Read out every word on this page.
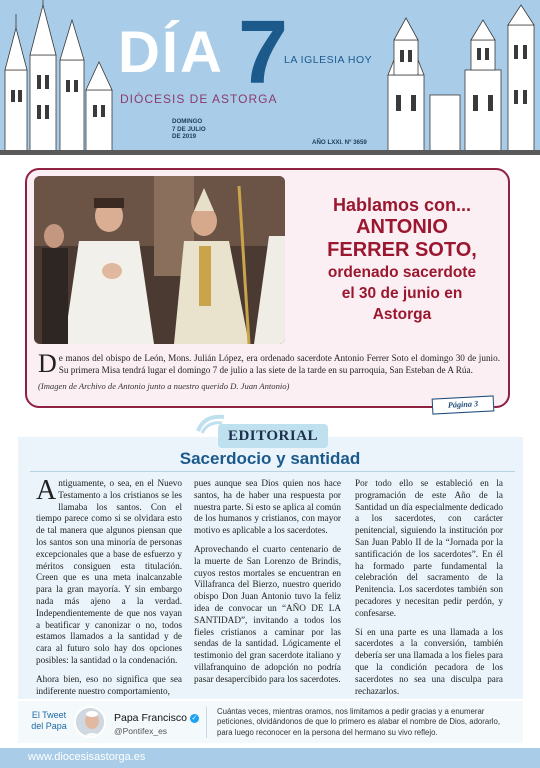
DÍA 7
LA IGLESIA HOY
DIÓCESIS DE ASTORGA
DOMINGO
7 DE JULIO
DE 2019
AÑO LXXI. Nº 3659
Hablamos con...
ANTONIO
FERRER SOTO,
ordenado sacerdote
el 30 de junio en
Astorga
De manos del obispo de León, Mons. Julián López, era ordenado sacerdote Antonio Ferrer Soto el domingo 30 de junio. Su primera Misa tendrá lugar el domingo 7 de julio a las siete de la tarde en su parroquia, San Esteban de A Rúa.
(Imagen de Archivo de Antonio junto a nuestro querido D. Juan Antonio)
Página 3
EDITORIAL
Sacerdocio y santidad

Antiguamente, o sea, en el Nuevo Testamento a los cristianos se les llamaba los santos. Con el tiempo parece como si se olvidara esto de tal manera que algunos piensan que los santos son una minoría de personas excepcionales que a base de esfuerzo y méritos consiguen esta titulación. Creen que es una meta inalcanzable para la gran mayoría. Y sin embargo nada más ajeno a la verdad. Independientemente de que nos vayan a beatificar y canonizar o no, todos estamos llamados a la santidad y de cara al futuro solo hay dos opciones posibles: la santidad o la condenación.

Ahora bien, eso no significa que sea indiferente nuestro comportamiento,

pues aunque sea Dios quien nos hace santos, ha de haber una respuesta por nuestra parte. Si esto se aplica al común de los humanos y cristianos, con mayor motivo es aplicable a los sacerdotes.

Aprovechando el cuarto centenario de la muerte de San Lorenzo de Brindis, cuyos restos mortales se encuentran en Villafranca del Bierzo, nuestro querido obispo Don Juan Antonio tuvo la feliz idea de convocar un “AÑO DE LA SANTIDAD”, invitando a todos los fieles cristianos a caminar por las sendas de la santidad. Lógicamente el testimonio del gran sacerdote italiano y villafranquino de adopción no podría pasar desapercibido para los sacerdotes.

Por todo ello se estableció en la programación de este Año de la Santidad un día especialmente dedicado a los sacerdotes, con carácter penitencial, siguiendo la institución por San Juan Pablo II de la “Jornada por la santificación de los sacerdotes”. En él ha formado parte fundamental la celebración del sacramento de la Penitencia. Los sacerdotes también son pecadores y necesitan pedir perdón, y confesarse.

Si en una parte es una llamada a los sacerdotes a la conversión, también debería ser una llamada a los fieles para que la condición pecadora de los sacerdotes no sea una disculpa para rechazarlos.

El Tweet
del Papa
Papa Francisco ✓
@Pontifex_es
Cuántas veces, mientras oramos, nos limitamos a pedir gracias y a enumerar peticiones, olvidándonos de que lo primero es alabar el nombre de Dios, adorarlo, para luego reconocer en la persona del hermano su vivo reflejo.
www.diocesisastorga.es
